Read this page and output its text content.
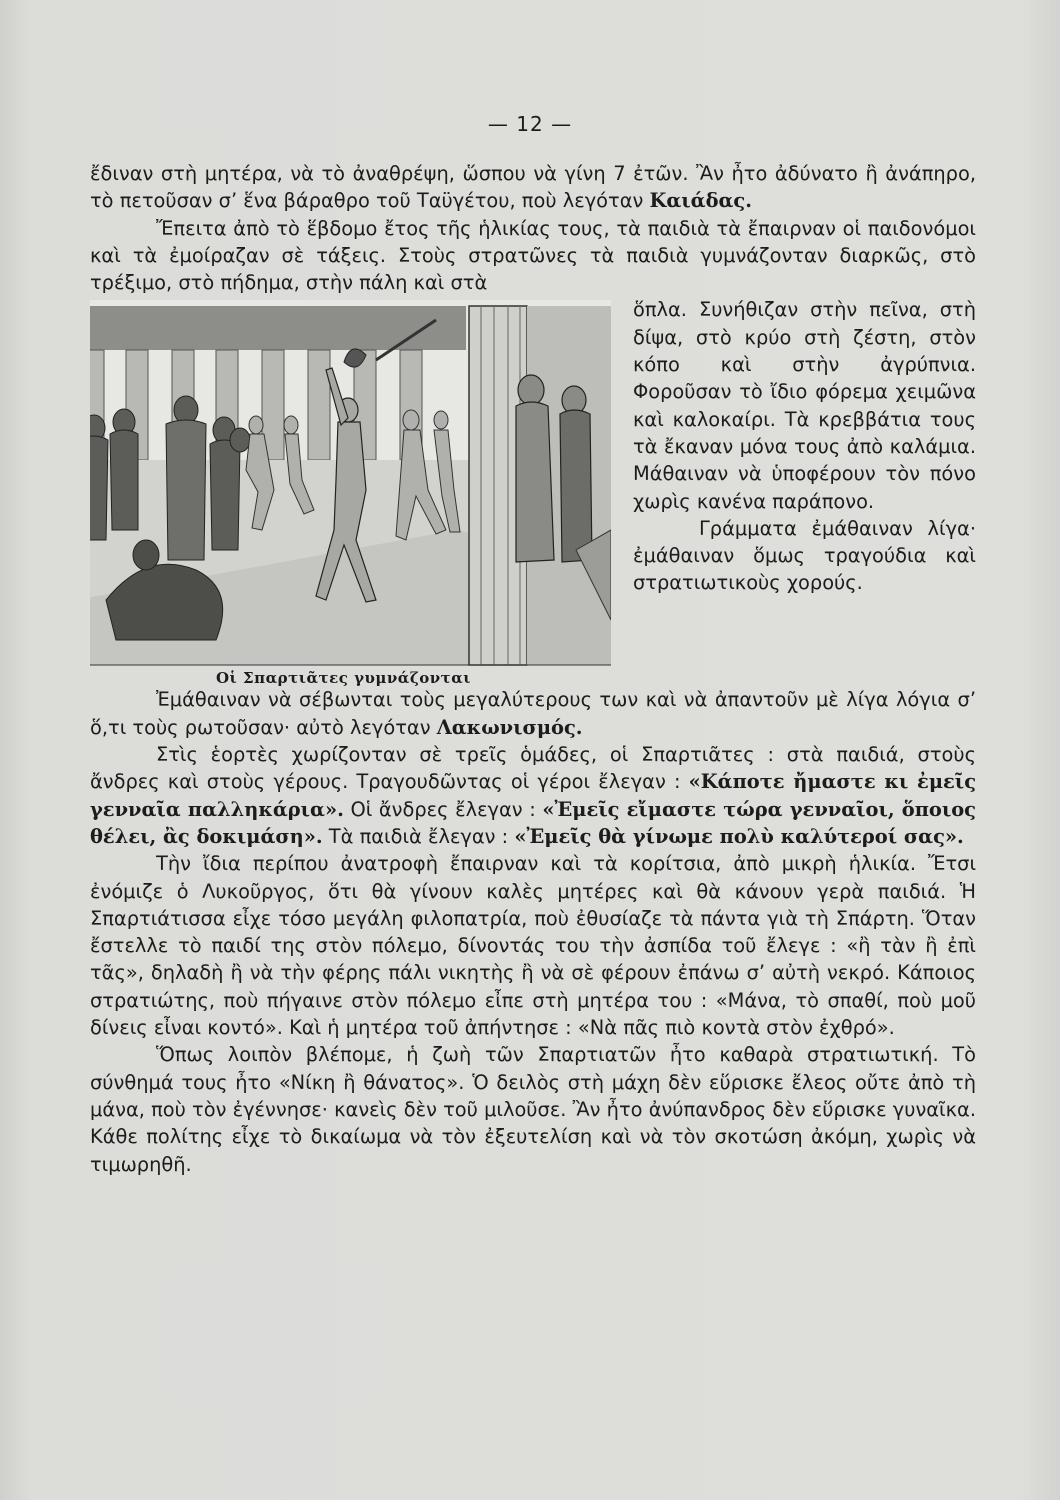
— 12 —

ἔδιναν στὴ μητέρα, νὰ τὸ ἀναθρέψη, ὥσπου νὰ γίνη 7 ἐτῶν. Ἂν ἦτο ἀδύνατο ἢ ἀνάπηρο, τὸ πετοῦσαν σ’ ἕνα βάραθρο τοῦ Ταϋγέτου, ποὺ λεγόταν Καιάδας.

Ἔπειτα ἀπὸ τὸ ἕβδομο ἔτος τῆς ἡλικίας τους, τὰ παιδιὰ τὰ ἔπαιρναν οἱ παιδονόμοι καὶ τὰ ἐμοίραζαν σὲ τάξεις. Στοὺς στρατῶνες τὰ παιδιὰ γυμνάζονταν διαρκῶς, στὸ τρέξιμο, στὸ πήδημα, στὴν πάλη καὶ στὰ

Οἱ Σπαρτιᾶτες γυμνάζονται

ὅπλα. Συνήθιζαν στὴν πεῖνα, στὴ δίψα, στὸ κρύο στὴ ζέστη, στὸν κόπο καὶ στὴν ἀγρύπνια. Φοροῦσαν τὸ ἴδιο φόρεμα χειμῶνα καὶ καλοκαίρι. Τὰ κρεββάτια τους τὰ ἔκαναν μόνα τους ἀπὸ καλάμια. Μάθαιναν νὰ ὑποφέρουν τὸν πόνο χωρὶς κανένα παράπονο.

Γράμματα ἐμάθαιναν λίγα· ἐμάθαιναν ὅμως τραγούδια καὶ στρατιωτικοὺς χορούς.

Ἐμάθαιναν νὰ σέβωνται τοὺς μεγαλύτερους των καὶ νὰ ἀπαντοῦν μὲ λίγα λόγια σ’ ὅ,τι τοὺς ρωτοῦσαν· αὐτὸ λεγόταν Λακωνισμός.

Στὶς ἑορτὲς χωρίζονταν σὲ τρεῖς ὁμάδες, οἱ Σπαρτιᾶτες : στὰ παιδιά, στοὺς ἄνδρες καὶ στοὺς γέρους. Τραγουδῶντας οἱ γέροι ἔλεγαν : «Κάποτε ἤμαστε κι ἐμεῖς γενναῖα παλληκάρια». Οἱ ἄνδρες ἔλεγαν : «Ἐμεῖς εἴμαστε τώρα γενναῖοι, ὅποιος θέλει, ἂς δοκιμάση». Τὰ παιδιὰ ἔλεγαν : «Ἐμεῖς θὰ γίνωμε πολὺ καλύτεροί σας».

Τὴν ἴδια περίπου ἀνατροφὴ ἔπαιρναν καὶ τὰ κορίτσια, ἀπὸ μικρὴ ἡλικία. Ἔτσι ἐνόμιζε ὁ Λυκοῦργος, ὅτι θὰ γίνουν καλὲς μητέρες καὶ θὰ κάνουν γερὰ παιδιά. Ἡ Σπαρτιάτισσα εἶχε τόσο μεγάλη φιλοπατρία, ποὺ ἐθυσίαζε τὰ πάντα γιὰ τὴ Σπάρτη. Ὅταν ἔστελλε τὸ παιδί της στὸν πόλεμο, δίνοντάς του τὴν ἀσπίδα τοῦ ἔλεγε : «ἢ τὰν ἢ ἐπὶ τᾶς», δηλαδὴ ἢ νὰ τὴν φέρης πάλι νικητὴς ἢ νὰ σὲ φέρουν ἐπάνω σ’ αὐτὴ νεκρό. Κάποιος στρατιώτης, ποὺ πήγαινε στὸν πόλεμο εἶπε στὴ μητέρα του : «Μάνα, τὸ σπαθί, ποὺ μοῦ δίνεις εἶναι κοντό». Καὶ ἡ μητέρα τοῦ ἀπήντησε : «Νὰ πᾶς πιὸ κοντὰ στὸν ἐχθρό».

Ὅπως λοιπὸν βλέπομε, ἡ ζωὴ τῶν Σπαρτιατῶν ἦτο καθαρὰ στρατιωτική. Τὸ σύνθημά τους ἦτο «Νίκη ἢ θάνατος». Ὁ δειλὸς στὴ μάχη δὲν εὕρισκε ἔλεος οὔτε ἀπὸ τὴ μάνα, ποὺ τὸν ἐγέννησε· κανεὶς δὲν τοῦ μιλοῦσε. Ἂν ἦτο ἀνύπανδρος δὲν εὕρισκε γυναῖκα. Κάθε πολίτης εἶχε τὸ δικαίωμα νὰ τὸν ἐξευτελίση καὶ νὰ τὸν σκοτώση ἀκόμη, χωρὶς νὰ τιμωρηθῆ.
